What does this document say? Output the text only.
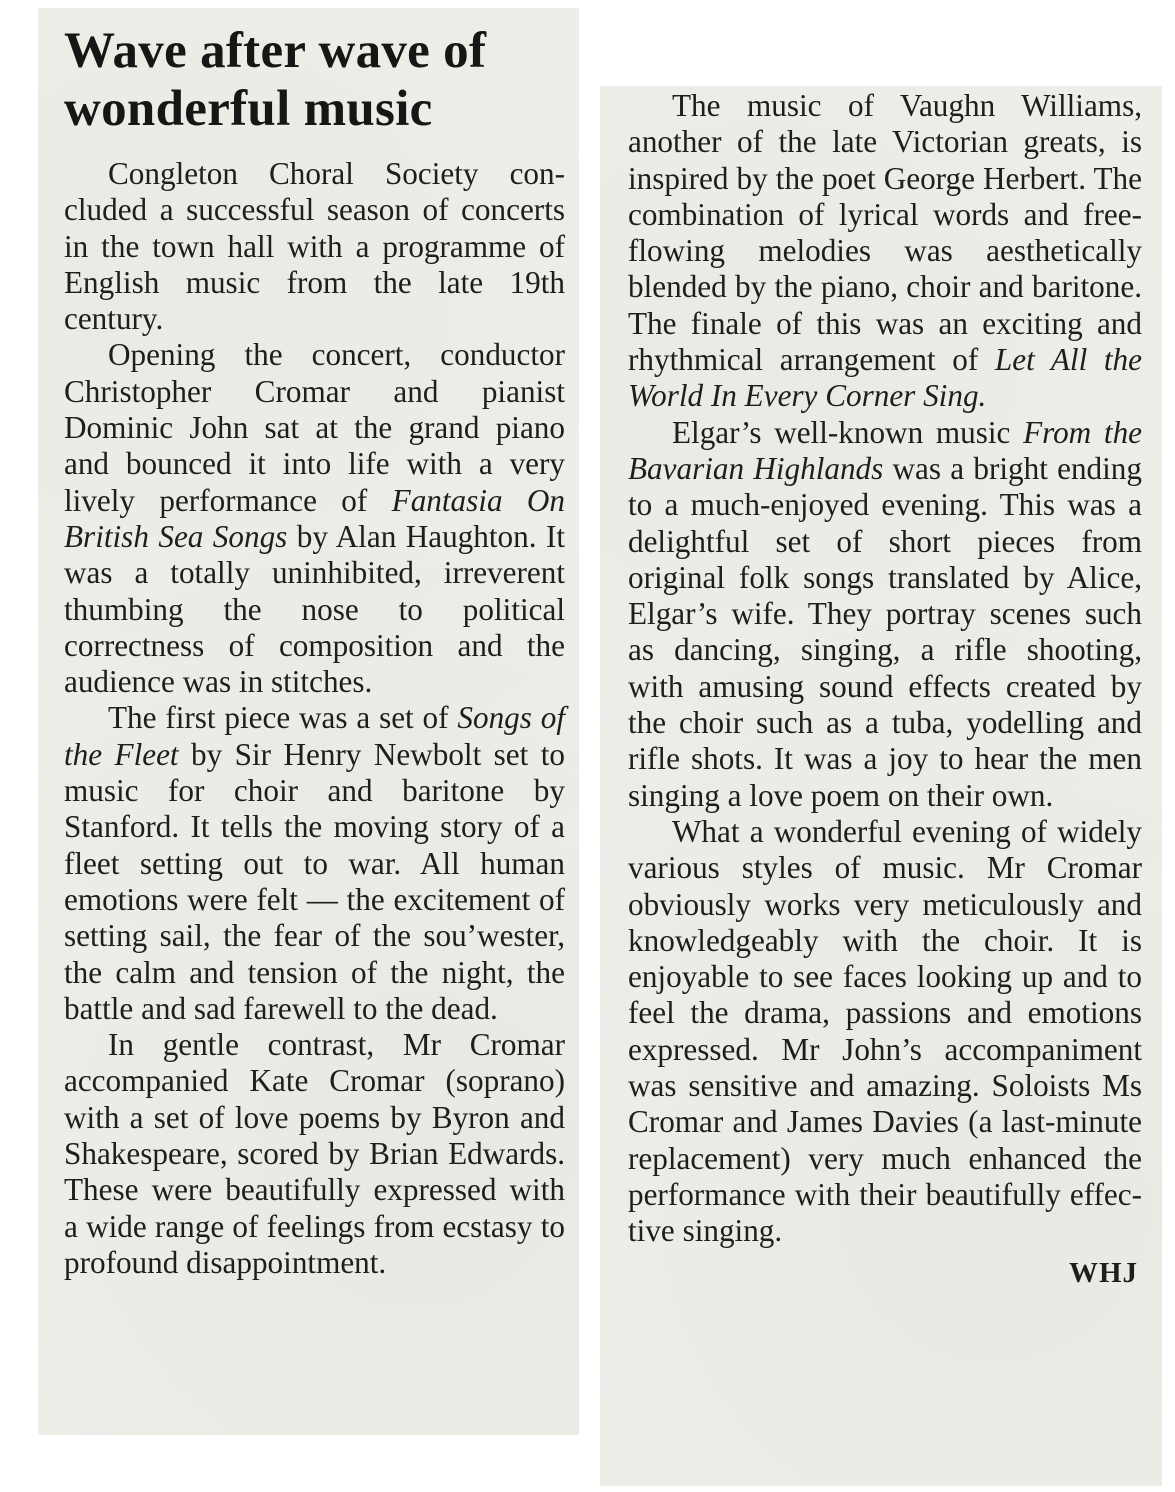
Wave after wave of wonderful music

Congleton Choral Society concluded a successful season of concerts in the town hall with a programme of English music from the late 19th century.

Opening the concert, conductor Christopher Cromar and pianist Dominic John sat at the grand piano and bounced it into life with a very lively performance of Fantasia On British Sea Songs by Alan Haughton. It was a totally uninhibited, irreverent thumbing the nose to political correctness of composition and the audience was in stitches.

The first piece was a set of Songs of the Fleet by Sir Henry Newbolt set to music for choir and baritone by Stanford. It tells the moving story of a fleet setting out to war. All human emotions were felt — the excitement of setting sail, the fear of the sou’wester, the calm and tension of the night, the battle and sad farewell to the dead.

In gentle contrast, Mr Cromar accompanied Kate Cromar (soprano) with a set of love poems by Byron and Shakespeare, scored by Brian Edwards. These were beautifully expressed with a wide range of feelings from ecstasy to profound disappointment.

The music of Vaughn Williams, another of the late Victorian greats, is inspired by the poet George Herbert. The combination of lyrical words and free-flowing melodies was aesthetically blended by the piano, choir and baritone. The finale of this was an exciting and rhythmical arrangement of Let All the World In Every Corner Sing.

Elgar’s well-known music From the Bavarian Highlands was a bright ending to a much-enjoyed evening. This was a delightful set of short pieces from original folk songs translated by Alice, Elgar’s wife. They portray scenes such as dancing, singing, a rifle shooting, with amusing sound effects created by the choir such as a tuba, yodelling and rifle shots. It was a joy to hear the men singing a love poem on their own.

What a wonderful evening of widely various styles of music. Mr Cromar obviously works very meticulously and knowledgeably with the choir. It is enjoyable to see faces looking up and to feel the drama, passions and emotions expressed. Mr John’s accompaniment was sensitive and amazing. Soloists Ms Cromar and James Davies (a last-minute replacement) very much enhanced the performance with their beautifully effective singing.

WHJ
